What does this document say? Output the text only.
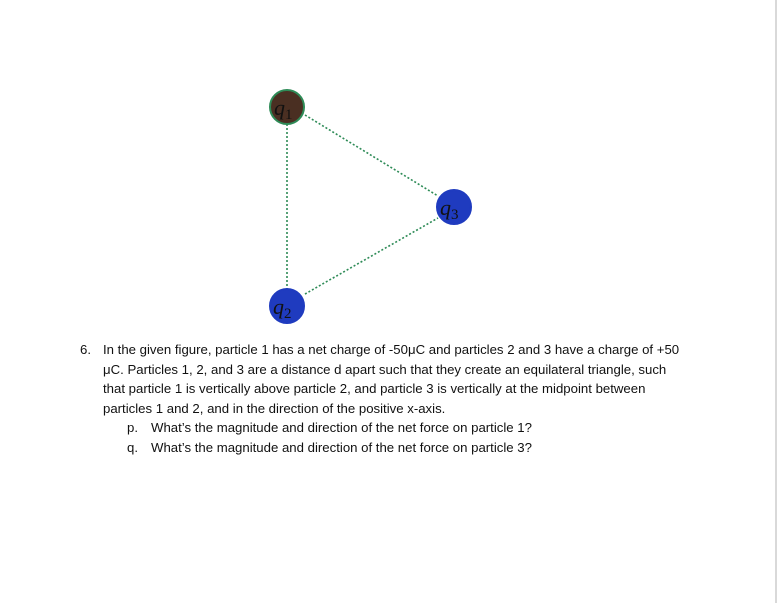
q1
q3
q2
6. In the given figure, particle 1 has a net charge of -50μC and particles 2 and 3 have a charge of +50 μC. Particles 1, 2, and 3 are a distance d apart such that they create an equilateral triangle, such that particle 1 is vertically above particle 2, and particle 3 is vertically at the midpoint between particles 1 and 2, and in the direction of the positive x-axis.
p. What’s the magnitude and direction of the net force on particle 1?
q. What’s the magnitude and direction of the net force on particle 3?
